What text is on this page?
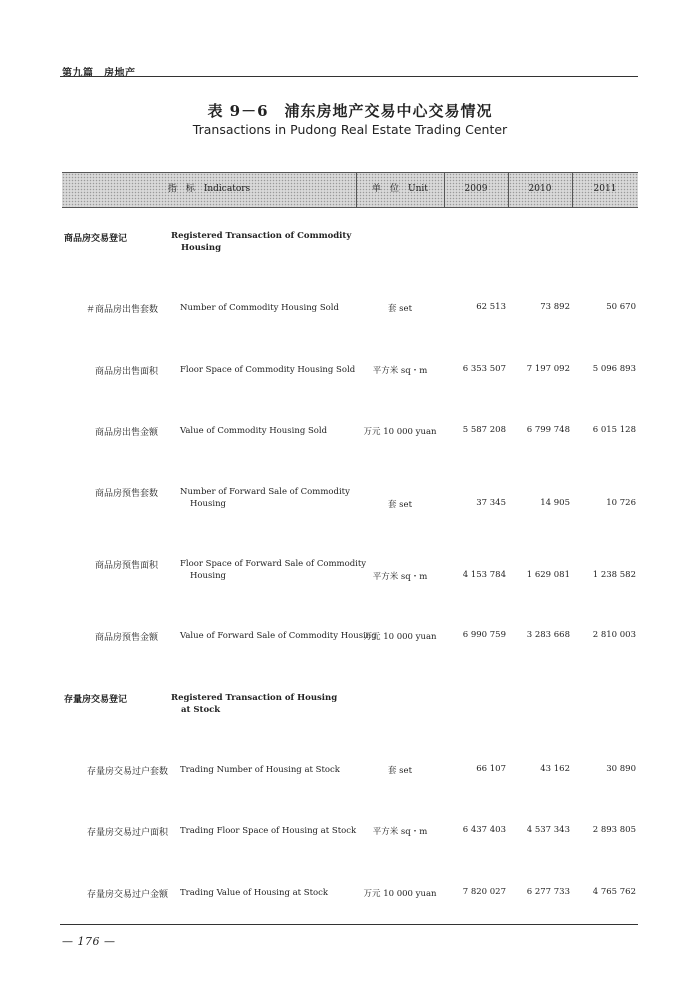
第九篇　房地产
表 9－6　浦东房地产交易中心交易情况
Transactions in Pudong Real Estate Trading Center
指　标　Indicators	单　位　Unit	2009	2010	2011
商品房交易登记	Registered Transaction of Commodity
Housing
＃商品房出售套数	Number of Commodity Housing Sold	套 set	62 513	73 892	50 670
商品房出售面积	Floor Space of Commodity Housing Sold	平方米 sq・m	6 353 507	7 197 092	5 096 893
商品房出售金额	Value of Commodity Housing Sold	万元 10 000 yuan	5 587 208	6 799 748	6 015 128
商品房预售套数	Number of Forward Sale of Commodity
Housing	套 set	37 345	14 905	10 726
商品房预售面积	Floor Space of Forward Sale of Commodity
Housing	平方米 sq・m	4 153 784	1 629 081	1 238 582
商品房预售金额	Value of Forward Sale of Commodity Housing
万元 10 000 yuan	6 990 759	3 283 668	2 810 003
存量房交易登记	Registered Transaction of Housing
at Stock
存量房交易过户套数 Trading Number of Housing at Stock	套 set	66 107	43 162	30 890
存量房交易过户面积 Trading Floor Space of Housing at Stock	平方米 sq・m	6 437 403	4 537 343	2 893 805
存量房交易过户金额 Trading Value of Housing at Stock	万元 10 000 yuan	7 820 027	6 277 733	4 765 762
— 176 —
